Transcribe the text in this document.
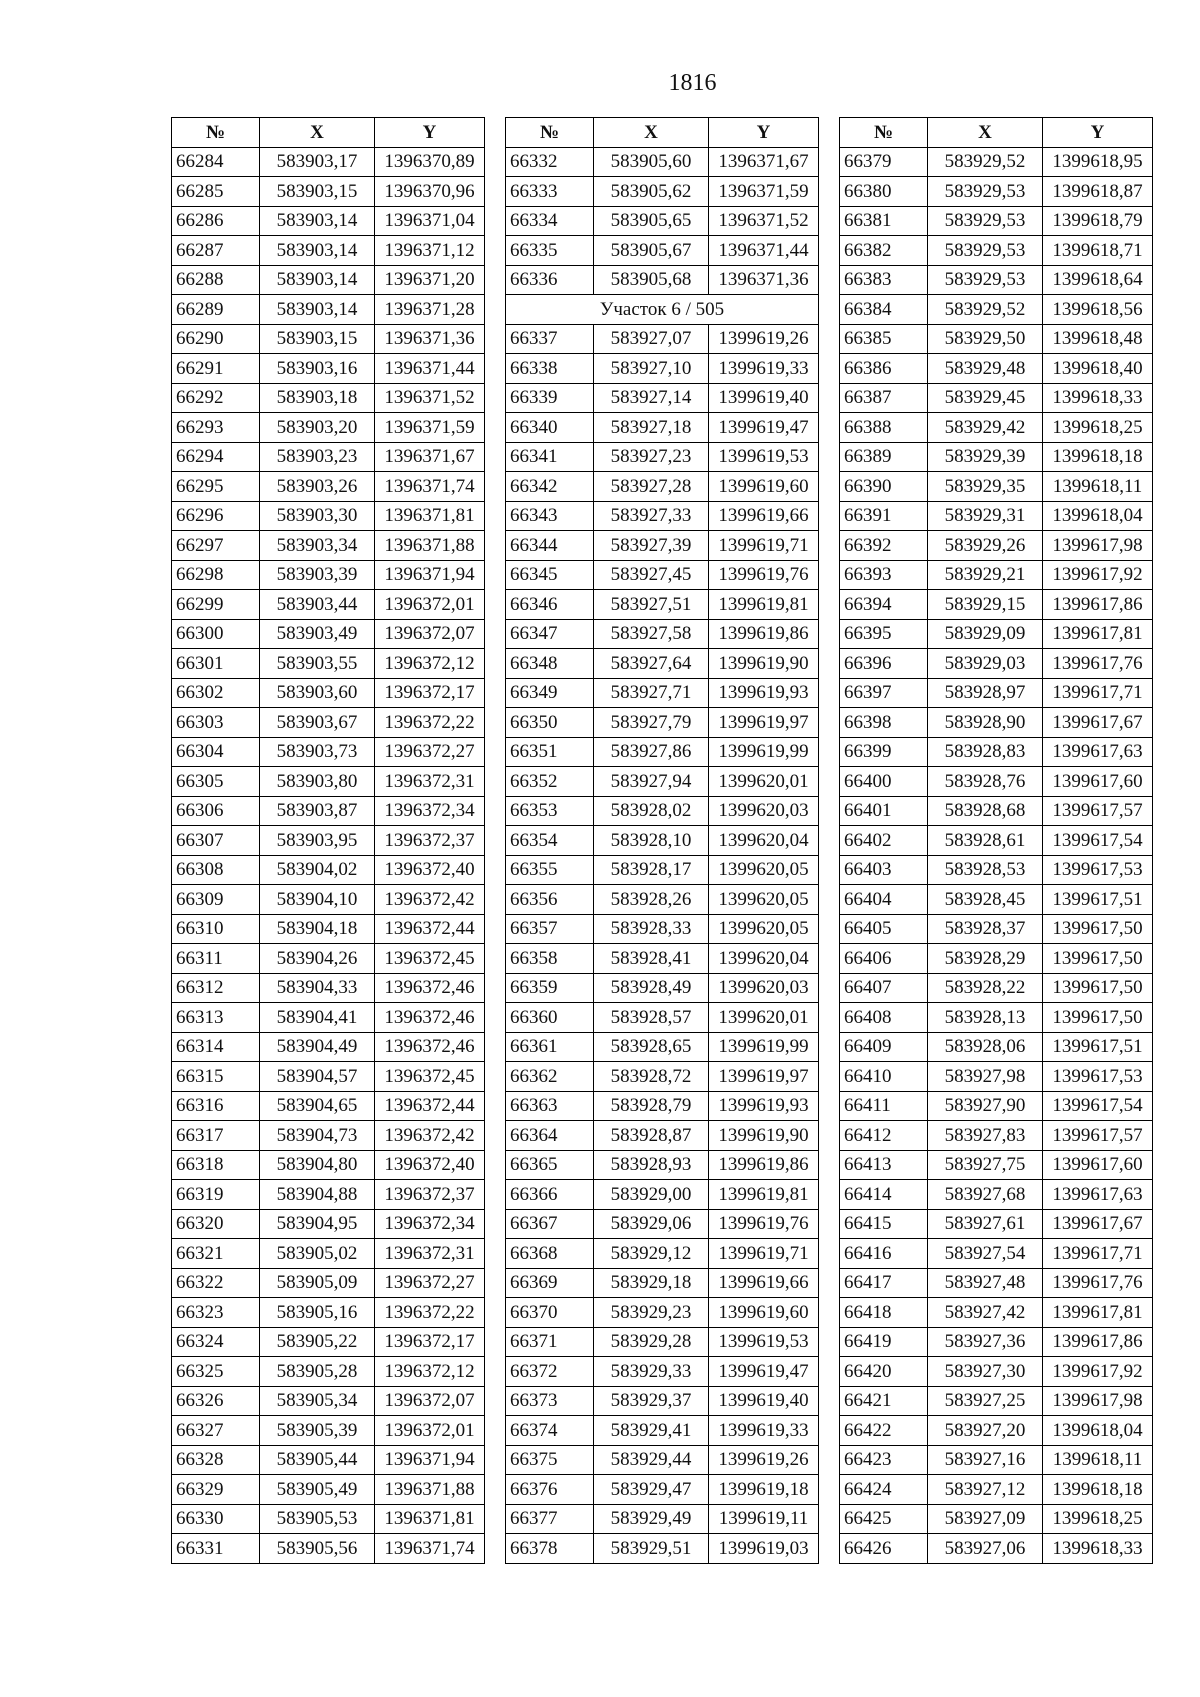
1816
№	X	Y
66284	583903,17	1396370,89
66285	583903,15	1396370,96
66286	583903,14	1396371,04
66287	583903,14	1396371,12
66288	583903,14	1396371,20
66289	583903,14	1396371,28
66290	583903,15	1396371,36
66291	583903,16	1396371,44
66292	583903,18	1396371,52
66293	583903,20	1396371,59
66294	583903,23	1396371,67
66295	583903,26	1396371,74
66296	583903,30	1396371,81
66297	583903,34	1396371,88
66298	583903,39	1396371,94
66299	583903,44	1396372,01
66300	583903,49	1396372,07
66301	583903,55	1396372,12
66302	583903,60	1396372,17
66303	583903,67	1396372,22
66304	583903,73	1396372,27
66305	583903,80	1396372,31
66306	583903,87	1396372,34
66307	583903,95	1396372,37
66308	583904,02	1396372,40
66309	583904,10	1396372,42
66310	583904,18	1396372,44
66311	583904,26	1396372,45
66312	583904,33	1396372,46
66313	583904,41	1396372,46
66314	583904,49	1396372,46
66315	583904,57	1396372,45
66316	583904,65	1396372,44
66317	583904,73	1396372,42
66318	583904,80	1396372,40
66319	583904,88	1396372,37
66320	583904,95	1396372,34
66321	583905,02	1396372,31
66322	583905,09	1396372,27
66323	583905,16	1396372,22
66324	583905,22	1396372,17
66325	583905,28	1396372,12
66326	583905,34	1396372,07
66327	583905,39	1396372,01
66328	583905,44	1396371,94
66329	583905,49	1396371,88
66330	583905,53	1396371,81
66331	583905,56	1396371,74
№	X	Y
66332	583905,60	1396371,67
66333	583905,62	1396371,59
66334	583905,65	1396371,52
66335	583905,67	1396371,44
66336	583905,68	1396371,36
Участок 6 / 505		
66337	583927,07	1399619,26
66338	583927,10	1399619,33
66339	583927,14	1399619,40
66340	583927,18	1399619,47
66341	583927,23	1399619,53
66342	583927,28	1399619,60
66343	583927,33	1399619,66
66344	583927,39	1399619,71
66345	583927,45	1399619,76
66346	583927,51	1399619,81
66347	583927,58	1399619,86
66348	583927,64	1399619,90
66349	583927,71	1399619,93
66350	583927,79	1399619,97
66351	583927,86	1399619,99
66352	583927,94	1399620,01
66353	583928,02	1399620,03
66354	583928,10	1399620,04
66355	583928,17	1399620,05
66356	583928,26	1399620,05
66357	583928,33	1399620,05
66358	583928,41	1399620,04
66359	583928,49	1399620,03
66360	583928,57	1399620,01
66361	583928,65	1399619,99
66362	583928,72	1399619,97
66363	583928,79	1399619,93
66364	583928,87	1399619,90
66365	583928,93	1399619,86
66366	583929,00	1399619,81
66367	583929,06	1399619,76
66368	583929,12	1399619,71
66369	583929,18	1399619,66
66370	583929,23	1399619,60
66371	583929,28	1399619,53
66372	583929,33	1399619,47
66373	583929,37	1399619,40
66374	583929,41	1399619,33
66375	583929,44	1399619,26
66376	583929,47	1399619,18
66377	583929,49	1399619,11
66378	583929,51	1399619,03
№	X	Y
66379	583929,52	1399618,95
66380	583929,53	1399618,87
66381	583929,53	1399618,79
66382	583929,53	1399618,71
66383	583929,53	1399618,64
66384	583929,52	1399618,56
66385	583929,50	1399618,48
66386	583929,48	1399618,40
66387	583929,45	1399618,33
66388	583929,42	1399618,25
66389	583929,39	1399618,18
66390	583929,35	1399618,11
66391	583929,31	1399618,04
66392	583929,26	1399617,98
66393	583929,21	1399617,92
66394	583929,15	1399617,86
66395	583929,09	1399617,81
66396	583929,03	1399617,76
66397	583928,97	1399617,71
66398	583928,90	1399617,67
66399	583928,83	1399617,63
66400	583928,76	1399617,60
66401	583928,68	1399617,57
66402	583928,61	1399617,54
66403	583928,53	1399617,53
66404	583928,45	1399617,51
66405	583928,37	1399617,50
66406	583928,29	1399617,50
66407	583928,22	1399617,50
66408	583928,13	1399617,50
66409	583928,06	1399617,51
66410	583927,98	1399617,53
66411	583927,90	1399617,54
66412	583927,83	1399617,57
66413	583927,75	1399617,60
66414	583927,68	1399617,63
66415	583927,61	1399617,67
66416	583927,54	1399617,71
66417	583927,48	1399617,76
66418	583927,42	1399617,81
66419	583927,36	1399617,86
66420	583927,30	1399617,92
66421	583927,25	1399617,98
66422	583927,20	1399618,04
66423	583927,16	1399618,11
66424	583927,12	1399618,18
66425	583927,09	1399618,25
66426	583927,06	1399618,33
